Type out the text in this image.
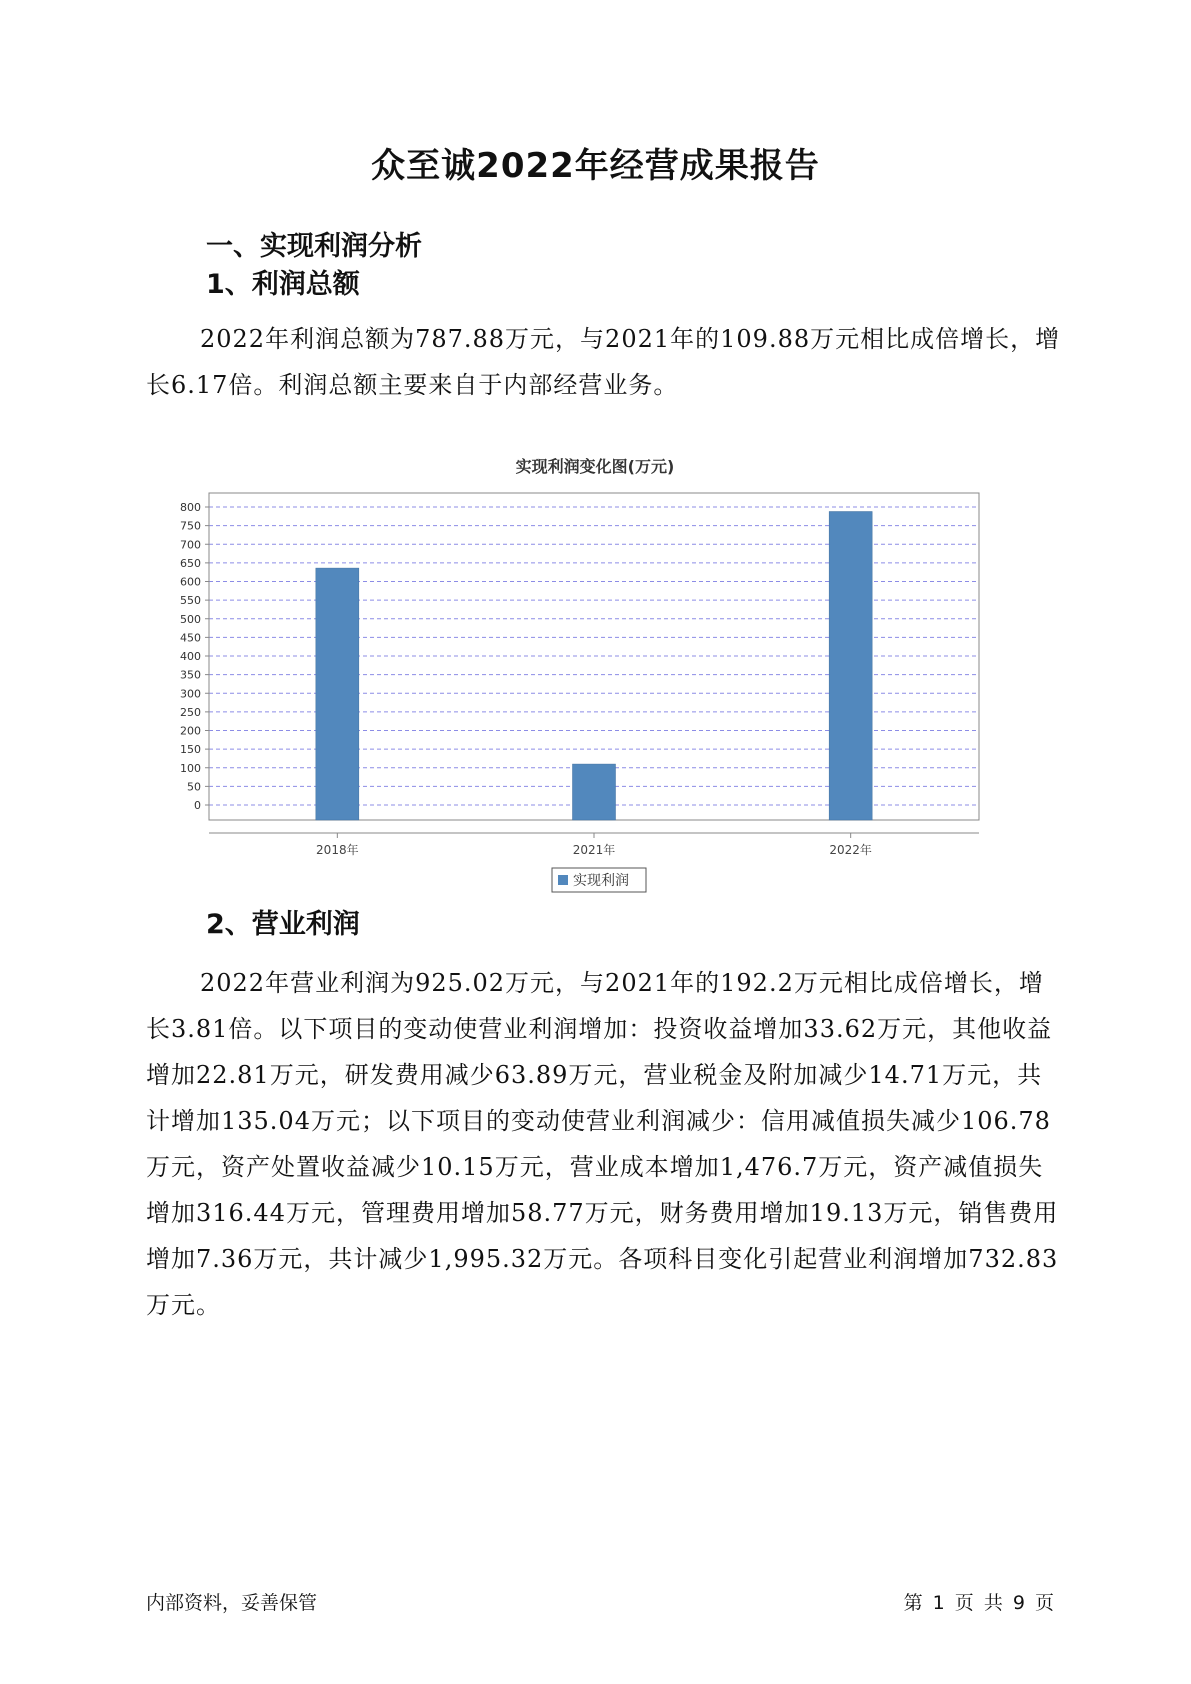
众至诚2022年经营成果报告
一、实现利润分析
1、利润总额

2022年利润总额为787.88万元，与2021年的109.88万元相比成倍增长，增长6.17倍。利润总额主要来自于内部经营业务。

实现利润变化图(万元)
0
50
100
150
200
250
300
350
400
450
500
550
600
650
700
750
800
2018年	2021年	2022年
实现利润
2、营业利润

2022年营业利润为925.02万元，与2021年的192.2万元相比成倍增长，增长3.81倍。以下项目的变动使营业利润增加：投资收益增加33.62万元，其他收益增加22.81万元，研发费用减少63.89万元，营业税金及附加减少14.71万元，共计增加135.04万元；以下项目的变动使营业利润减少：信用减值损失减少106.78万元，资产处置收益减少10.15万元，营业成本增加1,476.7万元，资产减值损失增加316.44万元，管理费用增加58.77万元，财务费用增加19.13万元，销售费用增加7.36万元，共计减少1,995.32万元。各项科目变化引起营业利润增加732.83万元。

内部资料，妥善保管	第 1 页 共 9 页
